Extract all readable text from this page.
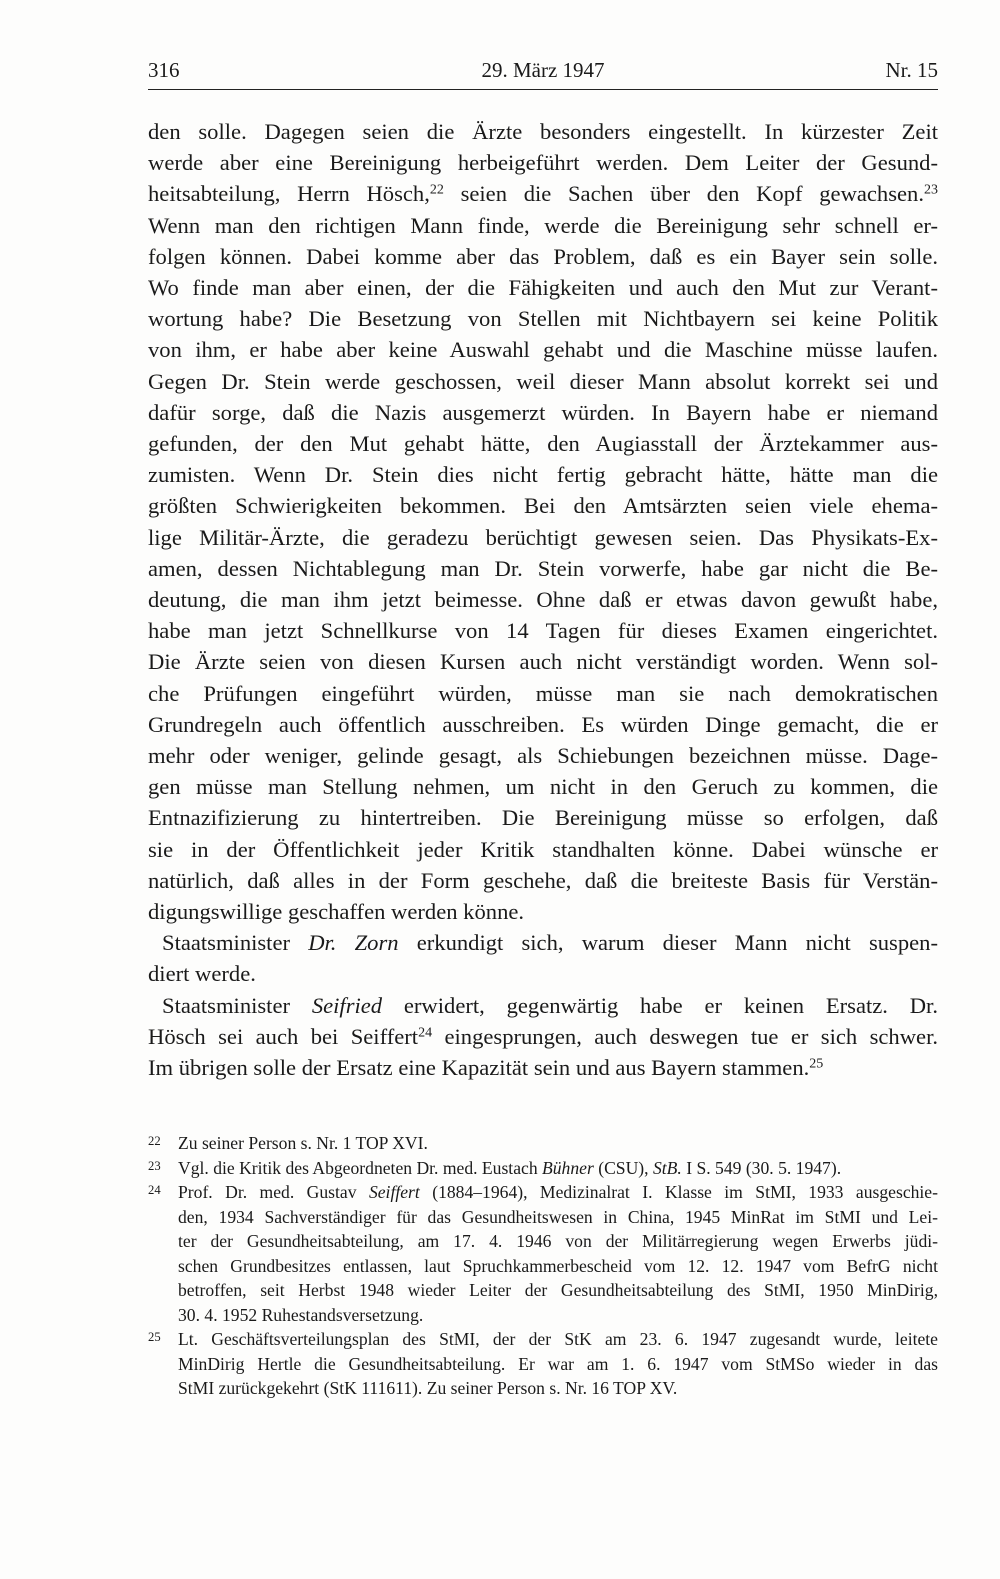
316	29. März 1947	Nr. 15

den solle. Dagegen seien die Ärzte besonders eingestellt. In kürzester Zeit
werde aber eine Bereinigung herbeigeführt werden. Dem Leiter der Gesund-
heitsabteilung, Herrn Hösch,$^{22}$ seien die Sachen über den Kopf gewachsen.$^{23}$
Wenn man den richtigen Mann finde, werde die Bereinigung sehr schnell er-
folgen können. Dabei komme aber das Problem, daß es ein Bayer sein solle.
Wo finde man aber einen, der die Fähigkeiten und auch den Mut zur Verant-
wortung habe? Die Besetzung von Stellen mit Nichtbayern sei keine Politik
von ihm, er habe aber keine Auswahl gehabt und die Maschine müsse laufen.
Gegen Dr. Stein werde geschossen, weil dieser Mann absolut korrekt sei und
dafür sorge, daß die Nazis ausgemerzt würden. In Bayern habe er niemand
gefunden, der den Mut gehabt hätte, den Augiasstall der Ärztekammer aus-
zumisten. Wenn Dr. Stein dies nicht fertig gebracht hätte, hätte man die
größten Schwierigkeiten bekommen. Bei den Amtsärzten seien viele ehema-
lige Militär-Ärzte, die geradezu berüchtigt gewesen seien. Das Physikats-Ex-
amen, dessen Nichtablegung man Dr. Stein vorwerfe, habe gar nicht die Be-
deutung, die man ihm jetzt beimesse. Ohne daß er etwas davon gewußt habe,
habe man jetzt Schnellkurse von 14 Tagen für dieses Examen eingerichtet.
Die Ärzte seien von diesen Kursen auch nicht verständigt worden. Wenn sol-
che Prüfungen eingeführt würden, müsse man sie nach demokratischen
Grundregeln auch öffentlich ausschreiben. Es würden Dinge gemacht, die er
mehr oder weniger, gelinde gesagt, als Schiebungen bezeichnen müsse. Dage-
gen müsse man Stellung nehmen, um nicht in den Geruch zu kommen, die
Entnazifizierung zu hintertreiben. Die Bereinigung müsse so erfolgen, daß
sie in der Öffentlichkeit jeder Kritik standhalten könne. Dabei wünsche er
natürlich, daß alles in der Form geschehe, daß die breiteste Basis für Verstän-
digungswillige geschaffen werden könne.

Staatsminister Dr. Zorn erkundigt sich, warum dieser Mann nicht suspen-
diert werde.

Staatsminister Seifried erwidert, gegenwärtig habe er keinen Ersatz. Dr.
Hösch sei auch bei Seiffert$^{24}$ eingesprungen, auch deswegen tue er sich schwer.
Im übrigen solle der Ersatz eine Kapazität sein und aus Bayern stammen.$^{25}$

22 Zu seiner Person s. Nr. 1 TOP XVI.
23 Vgl. die Kritik des Abgeordneten Dr. med. Eustach Bühner (CSU), StB. I S. 549 (30. 5. 1947).
24 Prof. Dr. med. Gustav Seiffert (1884–1964), Medizinalrat I. Klasse im StMI, 1933 ausgeschie-
den, 1934 Sachverständiger für das Gesundheitswesen in China, 1945 MinRat im StMI und Lei-
ter der Gesundheitsabteilung, am 17. 4. 1946 von der Militärregierung wegen Erwerbs jüdi-
schen Grundbesitzes entlassen, laut Spruchkammerbescheid vom 12. 12. 1947 vom BefrG nicht
betroffen, seit Herbst 1948 wieder Leiter der Gesundheitsabteilung des StMI, 1950 MinDirig,
30. 4. 1952 Ruhestandsversetzung.
25 Lt. Geschäftsverteilungsplan des StMI, der der StK am 23. 6. 1947 zugesandt wurde, leitete
MinDirig Hertle die Gesundheitsabteilung. Er war am 1. 6. 1947 vom StMSo wieder in das
StMI zurückgekehrt (StK 111611). Zu seiner Person s. Nr. 16 TOP XV.
